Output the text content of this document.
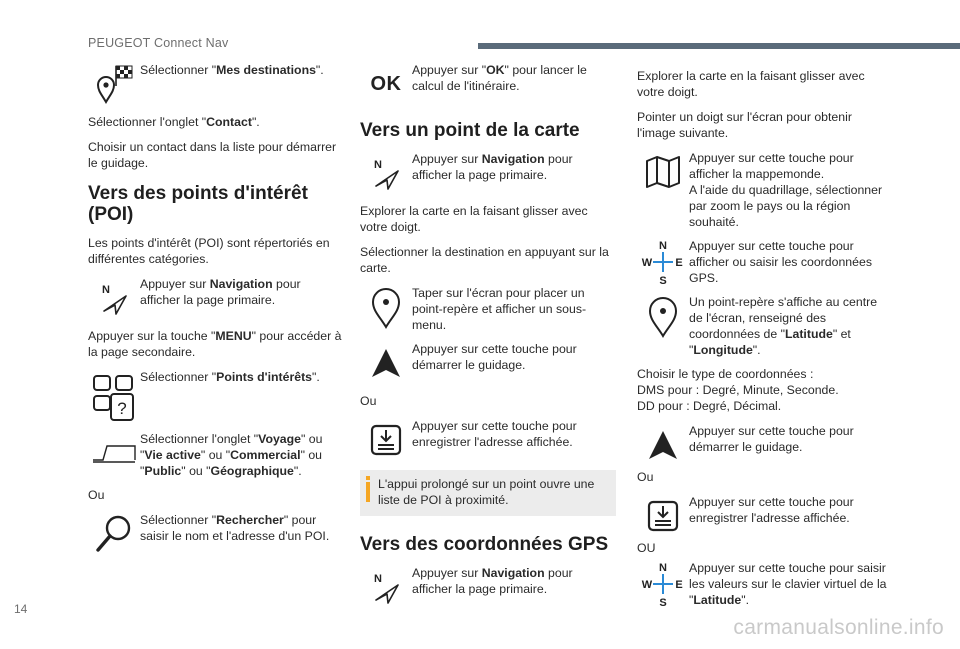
PEUGEOT Connect Nav
Sélectionner "Mes destinations".

Sélectionner l'onglet "Contact".

Choisir un contact dans la liste pour démarrer le guidage.

Vers des points d'intérêt (POI)

Les points d'intérêt (POI) sont répertoriés en différentes catégories.

N Appuyer sur Navigation pour afficher la page primaire.

Appuyer sur la touche "MENU" pour accéder à la page secondaire.

?
Sélectionner "Points d'intérêts".
Sélectionner l'onglet "Voyage" ou "Vie active" ou "Commercial" ou "Public" ou "Géographique".

Ou

Sélectionner "Rechercher" pour saisir le nom et l'adresse d'un POI.
OK
Appuyer sur "OK" pour lancer le calcul de l'itinéraire.
Vers un point de la carte
N Appuyer sur Navigation pour afficher la page primaire.

Explorer la carte en la faisant glisser avec votre doigt.

Sélectionner la destination en appuyant sur la carte.

Taper sur l'écran pour placer un point-repère et afficher un sous-menu.
Appuyer sur cette touche pour démarrer le guidage.

Ou

Appuyer sur cette touche pour enregistrer l'adresse affichée.
L'appui prolongé sur un point ouvre une liste de POI à proximité.
Vers des coordonnées GPS
N Appuyer sur Navigation pour afficher la page primaire.

Explorer la carte en la faisant glisser avec votre doigt.

Pointer un doigt sur l'écran pour obtenir l'image suivante.

Appuyer sur cette touche pour afficher la mappemonde.
A l'aide du quadrillage, sélectionner par zoom le pays ou la région souhaité.
N
S
W E
Appuyer sur cette touche pour afficher ou saisir les coordonnées GPS.
Un point-repère s'affiche au centre de l'écran, renseigné des coordonnées de "Latitude" et "Longitude".

Choisir le type de coordonnées :
DMS pour : Degré, Minute, Seconde.
DD pour : Degré, Décimal.

Appuyer sur cette touche pour démarrer le guidage.

Ou

Appuyer sur cette touche pour enregistrer l'adresse affichée.

OU

N
S
W E
Appuyer sur cette touche pour saisir les valeurs sur le clavier virtuel de la "Latitude".
14
carmanualsonline.info
